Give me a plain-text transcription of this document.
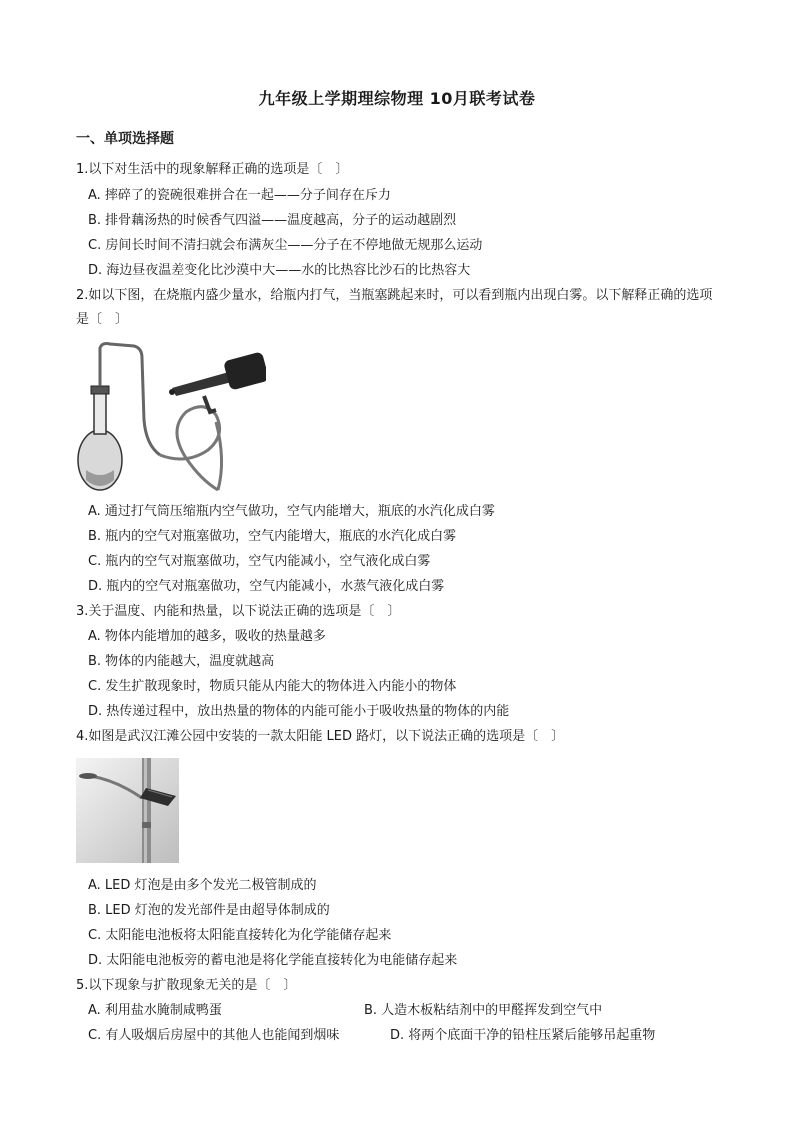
九年级上学期理综物理 10月联考试卷
一、单项选择题
1.以下对生活中的现象解释正确的选项是〔　〕
A. 摔碎了的瓷碗很难拼合在一起——分子间存在斥力
B. 排骨藕汤热的时候香气四溢——温度越高，分子的运动越剧烈
C. 房间长时间不清扫就会布满灰尘——分子在不停地做无规那么运动
D. 海边昼夜温差变化比沙漠中大——水的比热容比沙石的比热容大
2.如以下图，在烧瓶内盛少量水，给瓶内打气，当瓶塞跳起来时，可以看到瓶内出现白雾。以下解释正确的选项是〔　〕
A. 通过打气筒压缩瓶内空气做功，空气内能增大，瓶底的水汽化成白雾
B. 瓶内的空气对瓶塞做功，空气内能增大，瓶底的水汽化成白雾
C. 瓶内的空气对瓶塞做功，空气内能减小，空气液化成白雾
D. 瓶内的空气对瓶塞做功，空气内能减小，水蒸气液化成白雾
3.关于温度、内能和热量，以下说法正确的选项是〔　〕
A. 物体内能增加的越多，吸收的热量越多
B. 物体的内能越大，温度就越高
C. 发生扩散现象时，物质只能从内能大的物体进入内能小的物体
D. 热传递过程中，放出热量的物体的内能可能小于吸收热量的物体的内能
4.如图是武汉江滩公园中安装的一款太阳能 LED 路灯，以下说法正确的选项是〔　〕
A. LED 灯泡是由多个发光二极管制成的
B. LED 灯泡的发光部件是由超导体制成的
C. 太阳能电池板将太阳能直接转化为化学能储存起来
D. 太阳能电池板旁的蓄电池是将化学能直接转化为电能储存起来
5.以下现象与扩散现象无关的是〔　〕
A. 利用盐水腌制咸鸭蛋	B. 人造木板粘结剂中的甲醛挥发到空气中
C. 有人吸烟后房屋中的其他人也能闻到烟味	D. 将两个底面干净的铅柱压紧后能够吊起重物
